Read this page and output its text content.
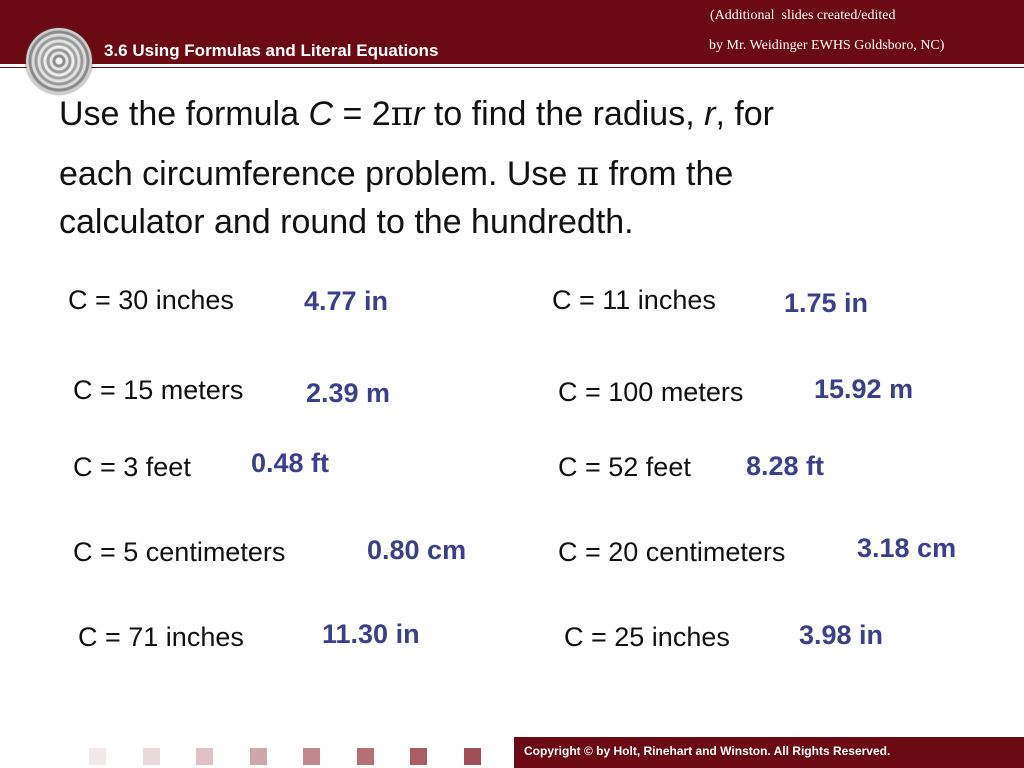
3.6 Using Formulas and Literal Equations
(Additional  slides created/edited
by Mr. Weidinger EWHS Goldsboro, NC)
Use the formula C = 2πr to find the radius, r, for
each circumference problem. Use π from the
calculator and round to the hundredth.
C = 30 inches	4.77 in
C = 15 meters 2.39 m
C = 3 feet 0.48 ft
C = 5 centimeters	0.80 cm
C = 71 inches	11.30 in
C = 11 inches	1.75 in
C = 100 meters	15.92 m
C = 52 feet 8.28 ft
C = 20 centimeters	3.18 cm
C = 25 inches	3.98 in
Copyright © by Holt, Rinehart and Winston. All Rights Reserved.
